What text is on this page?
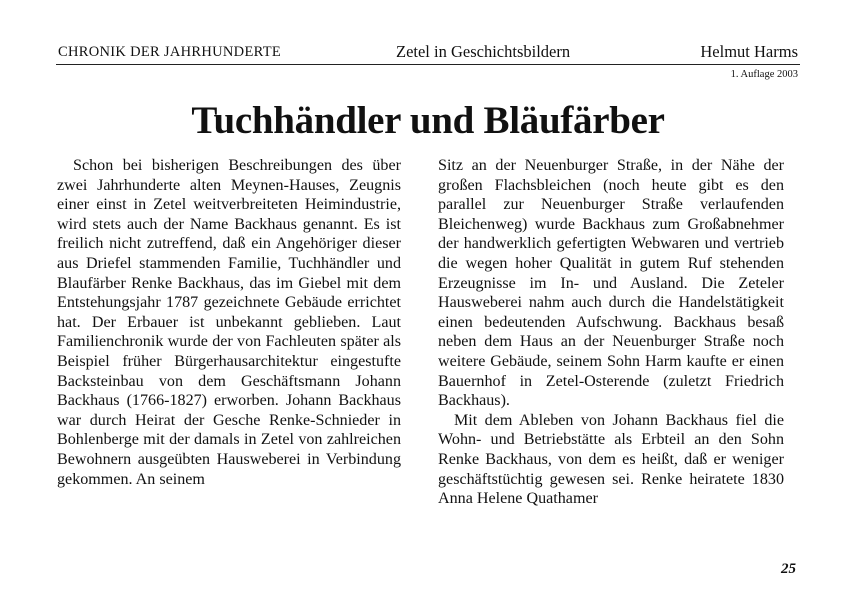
CHRONIK DER JAHRHUNDERTE	Zetel in Geschichtsbildern	Helmut Harms
1. Auflage 2003
Tuchhändler und Bläufärber

Schon bei bisherigen Beschreibungen des über zwei Jahrhunderte alten Meynen-Hauses, Zeugnis einer einst in Zetel weitverbreiteten Heimindustrie, wird stets auch der Name Backhaus genannt. Es ist freilich nicht zutreffend, daß ein Angehöriger dieser aus Driefel stammenden Familie, Tuchhändler und Blaufärber Renke Backhaus, das im Giebel mit dem Entstehungsjahr 1787 gezeichnete Gebäude errichtet hat. Der Erbauer ist unbekannt geblieben. Laut Familienchronik wurde der von Fachleuten später als Beispiel früher Bürgerhausarchitektur eingestufte Backsteinbau von dem Geschäftsmann Johann Backhaus (1766-1827) erworben. Johann Backhaus war durch Heirat der Gesche Renke-Schnieder in Bohlenberge mit der damals in Zetel von zahlreichen Bewohnern ausgeübten Hausweberei in Verbindung gekommen. An seinem

Sitz an der Neuenburger Straße, in der Nähe der großen Flachsbleichen (noch heute gibt es den parallel zur Neuenburger Straße verlaufenden Bleichenweg) wurde Backhaus zum Großabnehmer der handwerklich gefertigten Webwaren und vertrieb die wegen hoher Qualität in gutem Ruf stehenden Erzeugnisse im In- und Ausland. Die Zeteler Hausweberei nahm auch durch die Handelstätigkeit einen bedeutenden Aufschwung. Backhaus besaß neben dem Haus an der Neuenburger Straße noch weitere Gebäude, seinem Sohn Harm kaufte er einen Bauernhof in Zetel-Osterende (zuletzt Friedrich Backhaus).

Mit dem Ableben von Johann Backhaus fiel die Wohn- und Betriebstätte als Erbteil an den Sohn Renke Backhaus, von dem es heißt, daß er weniger geschäftstüchtig gewesen sei. Renke heiratete 1830 Anna Helene Quathamer

25
